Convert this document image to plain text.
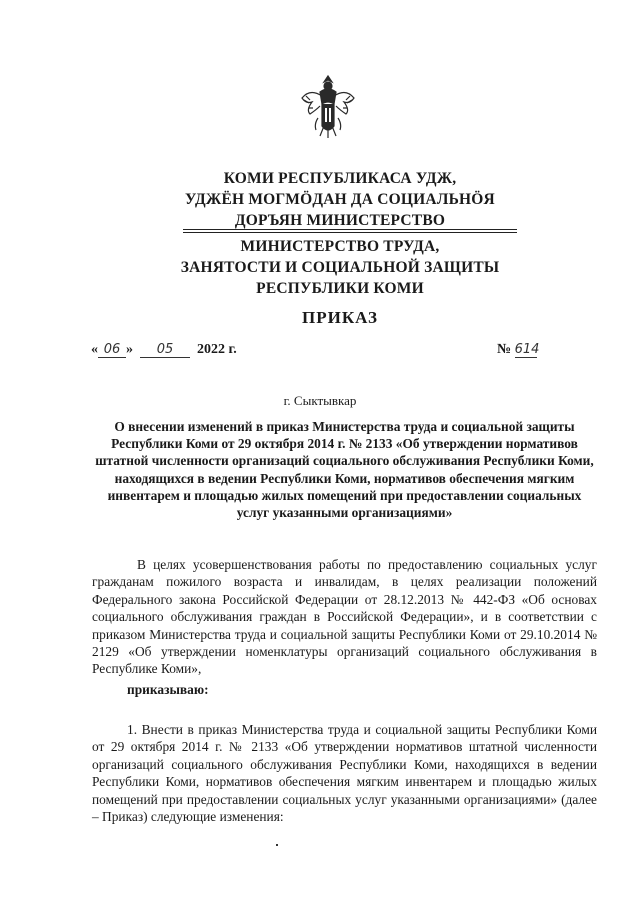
КОМИ РЕСПУБЛИКАСА УДЖ,
УДЖЁН МОГМÖДАН ДА СОЦИАЛЬНÖЯ
ДОРЪЯН МИНИСТЕРСТВО
МИНИСТЕРСТВО ТРУДА,
ЗАНЯТОСТИ И СОЦИАЛЬНОЙ ЗАЩИТЫ
РЕСПУБЛИКИ КОМИ
ПРИКАЗ
« 06 » 05 2022 г.	№ 614
г. Сыктывкар
О внесении изменений в приказ Министерства труда и социальной защиты Республики Коми от 29 октября 2014 г. № 2133 «Об утверждении нормативов штатной численности организаций социального обслуживания Республики Коми, находящихся в ведении Республики Коми, нормативов обеспечения мягким инвентарем и площадью жилых помещений при предоставлении социальных услуг указанными организациями»
В целях усовершенствования работы по предоставлению социальных услуг гражданам пожилого возраста и инвалидам, в целях реализации положений Федерального закона Российской Федерации от 28.12.2013 № 442-ФЗ «Об основах социального обслуживания граждан в Российской Федерации», и в соответствии с приказом Министерства труда и социальной защиты Республики Коми от 29.10.2014 № 2129 «Об утверждении номенклатуры организаций социального обслуживания в Республике Коми»,
приказываю:
1. Внести в приказ Министерства труда и социальной защиты Республики Коми от 29 октября 2014 г. № 2133 «Об утверждении нормативов штатной численности организаций социального обслуживания Республики Коми, находящихся в ведении Республики Коми, нормативов обеспечения мягким инвентарем и площадью жилых помещений при предоставлении социальных услуг указанными организациями» (далее – Приказ) следующие изменения:
